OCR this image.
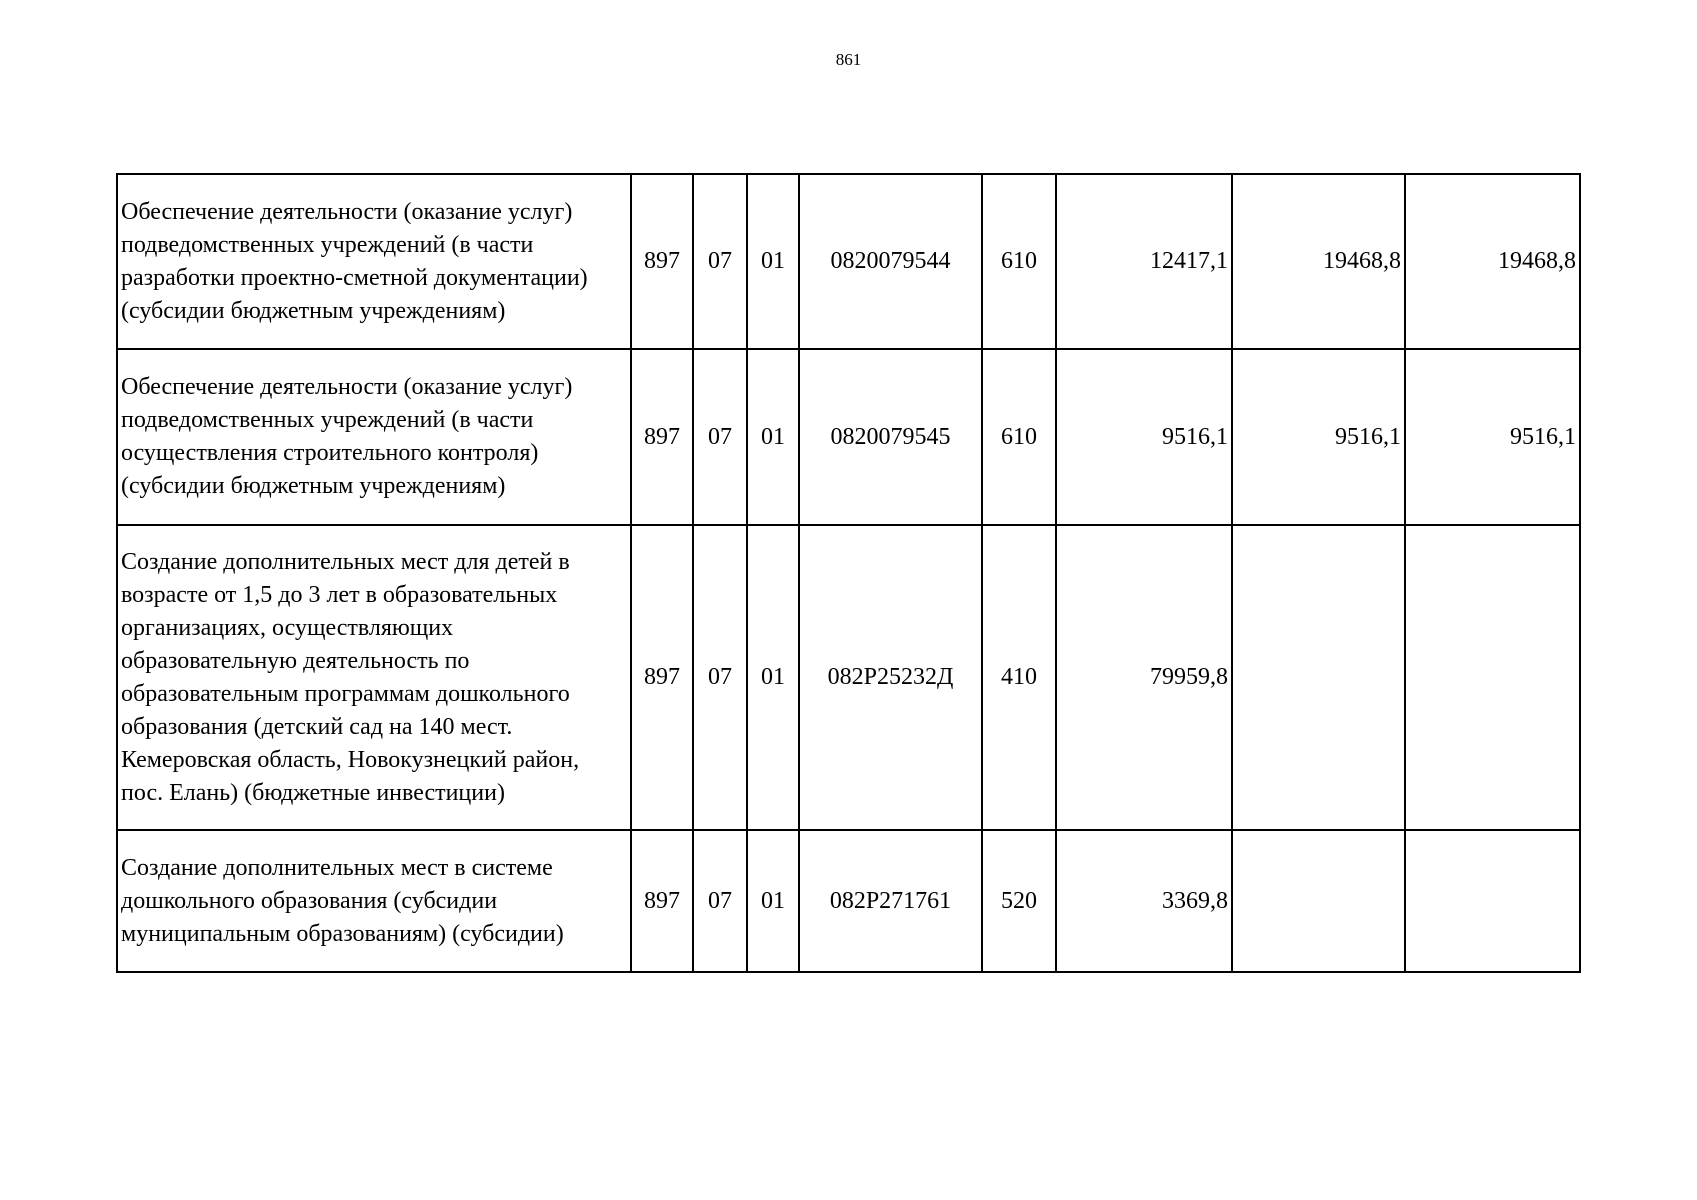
861
Обеспечение деятельности (оказание услуг) подведомственных учреждений (в части разработки проектно-сметной документации) (субсидии бюджетным учреждениям)	897	07	01	0820079544	610	12417,1	19468,8	19468,8
Обеспечение деятельности (оказание услуг) подведомственных учреждений (в части осуществления строительного контроля) (субсидии бюджетным учреждениям)	897	07	01	0820079545	610	9516,1	9516,1	9516,1
Создание дополнительных мест для детей в возрасте от 1,5 до 3 лет в образовательных организациях, осуществляющих образовательную деятельность по образовательным программам дошкольного образования (детский сад на 140 мест. Кемеровская область, Новокузнецкий район, пос. Елань) (бюджетные инвестиции)	897	07	01	082P25232Д	410	79959,8		
Создание дополнительных мест в системе дошкольного образования (субсидии муниципальным образованиям) (субсидии)	897	07	01	082P271761	520	3369,8		
